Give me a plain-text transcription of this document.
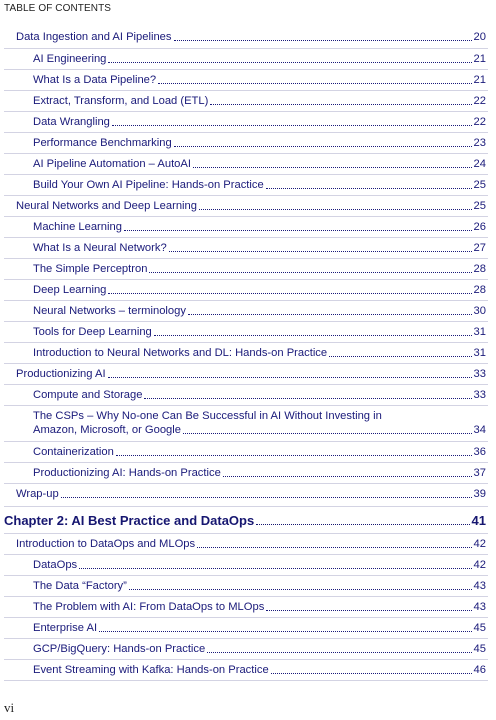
TABLE OF CONTENTS
Data Ingestion and AI Pipelines	20
AI Engineering	21
What Is a Data Pipeline?	21
Extract, Transform, and Load (ETL)	22
Data Wrangling	22
Performance Benchmarking	23
AI Pipeline Automation – AutoAI	24
Build Your Own AI Pipeline: Hands-on Practice	25
Neural Networks and Deep Learning	25
Machine Learning	26
What Is a Neural Network?	27
The Simple Perceptron	28
Deep Learning	28
Neural Networks – terminology	30
Tools for Deep Learning	31
Introduction to Neural Networks and DL: Hands-on Practice	31
Productionizing AI	33
Compute and Storage	33
The CSPs – Why No-one Can Be Successful in AI Without Investing in
Amazon, Microsoft, or Google	34
Containerization	36
Productionizing AI: Hands-on Practice	37
Wrap-up	39
Chapter 2: AI Best Practice and DataOps	41
Introduction to DataOps and MLOps	42
DataOps	42
The Data “Factory”	43
The Problem with AI: From DataOps to MLOps	43
Enterprise AI	45
GCP/BigQuery: Hands-on Practice	45
Event Streaming with Kafka: Hands-on Practice	46
vi
